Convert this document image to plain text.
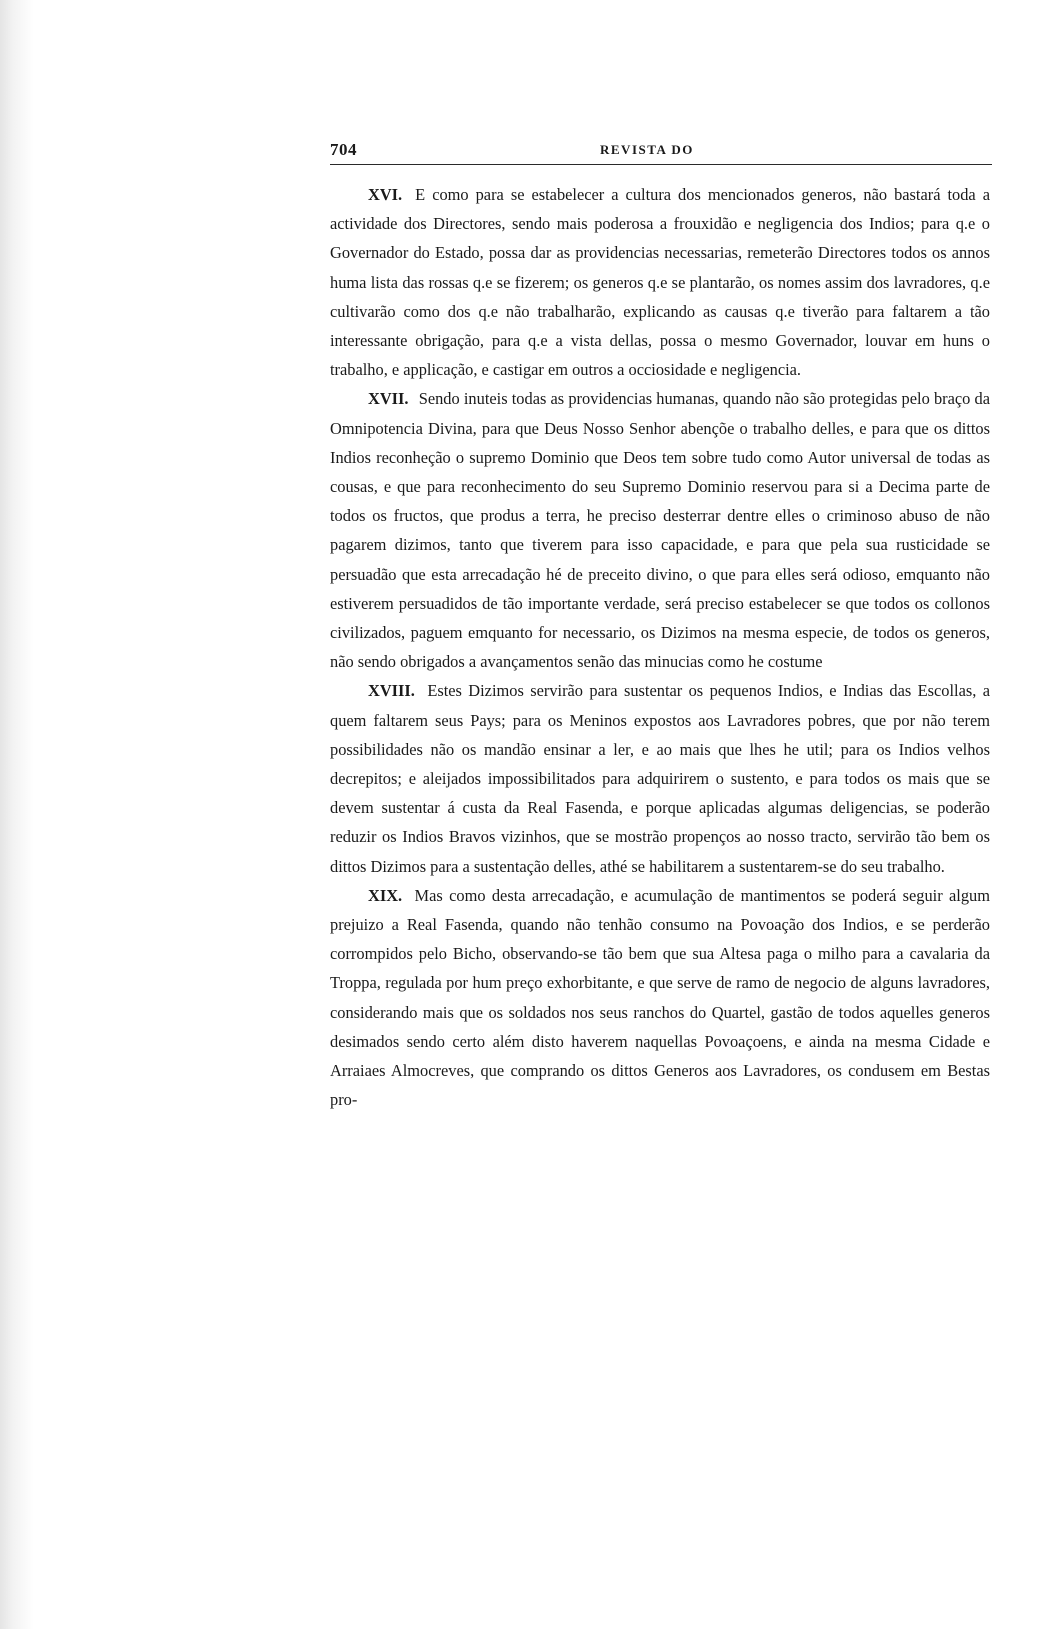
704	REVISTA DO

XVI. E como para se estabelecer a cultura dos mencionados generos, não bastará toda a actividade dos Directores, sendo mais poderosa a frouxidão e negligencia dos Indios; para q.e o Governador do Estado, possa dar as providencias necessarias, remeterão Directores todos os annos huma lista das rossas q.e se fizerem; os generos q.e se plantarão, os nomes assim dos lavradores, q.e cultivarão como dos q.e não trabalharão, explicando as causas q.e tiverão para faltarem a tão interessante obrigação, para q.e a vista dellas, possa o mesmo Governador, louvar em huns o trabalho, e applicação, e castigar em outros a occiosidade e negligencia.

XVII. Sendo inuteis todas as providencias humanas, quando não são protegidas pelo braço da Omnipotencia Divina, para que Deus Nosso Senhor abençõe o trabalho delles, e para que os dittos Indios reconheção o supremo Dominio que Deos tem sobre tudo como Autor universal de todas as cousas, e que para reconhecimento do seu Supremo Dominio reservou para si a Decima parte de todos os fructos, que produs a terra, he preciso desterrar dentre elles o criminoso abuso de não pagarem dizimos, tanto que tiverem para isso capacidade, e para que pela sua rusticidade se persuadão que esta arrecadação hé de preceito divino, o que para elles será odioso, emquanto não estiverem persuadidos de tão importante verdade, será preciso estabelecer se que todos os collonos civilizados, paguem emquanto for necessario, os Dizimos na mesma especie, de todos os generos, não sendo obrigados a avançamentos senão das minucias como he costume

XVIII. Estes Dizimos servirão para sustentar os pequenos Indios, e Indias das Escollas, a quem faltarem seus Pays; para os Meninos expostos aos Lavradores pobres, que por não terem possibilidades não os mandão ensinar a ler, e ao mais que lhes he util; para os Indios velhos decrepitos; e aleijados impossibilitados para adquirirem o sustento, e para todos os mais que se devem sustentar á custa da Real Fasenda, e porque aplicadas algumas deligencias, se poderão reduzir os Indios Bravos vizinhos, que se mostrão propenços ao nosso tracto, servirão tão bem os dittos Dizimos para a sustentação delles, athé se habilitarem a sustentarem-se do seu trabalho.

XIX. Mas como desta arrecadação, e acumulação de mantimentos se poderá seguir algum prejuizo a Real Fasenda, quando não tenhão consumo na Povoação dos Indios, e se perderão corrompidos pelo Bicho, observando-se tão bem que sua Altesa paga o milho para a cavalaria da Troppa, regulada por hum preço exhorbitante, e que serve de ramo de negocio de alguns lavradores, considerando mais que os soldados nos seus ranchos do Quartel, gastão de todos aquelles generos desimados sendo certo além disto haverem naquellas Povoaçoens, e ainda na mesma Cidade e Arraiaes Almocreves, que comprando os dittos Generos aos Lavradores, os condusem em Bestas pro-
